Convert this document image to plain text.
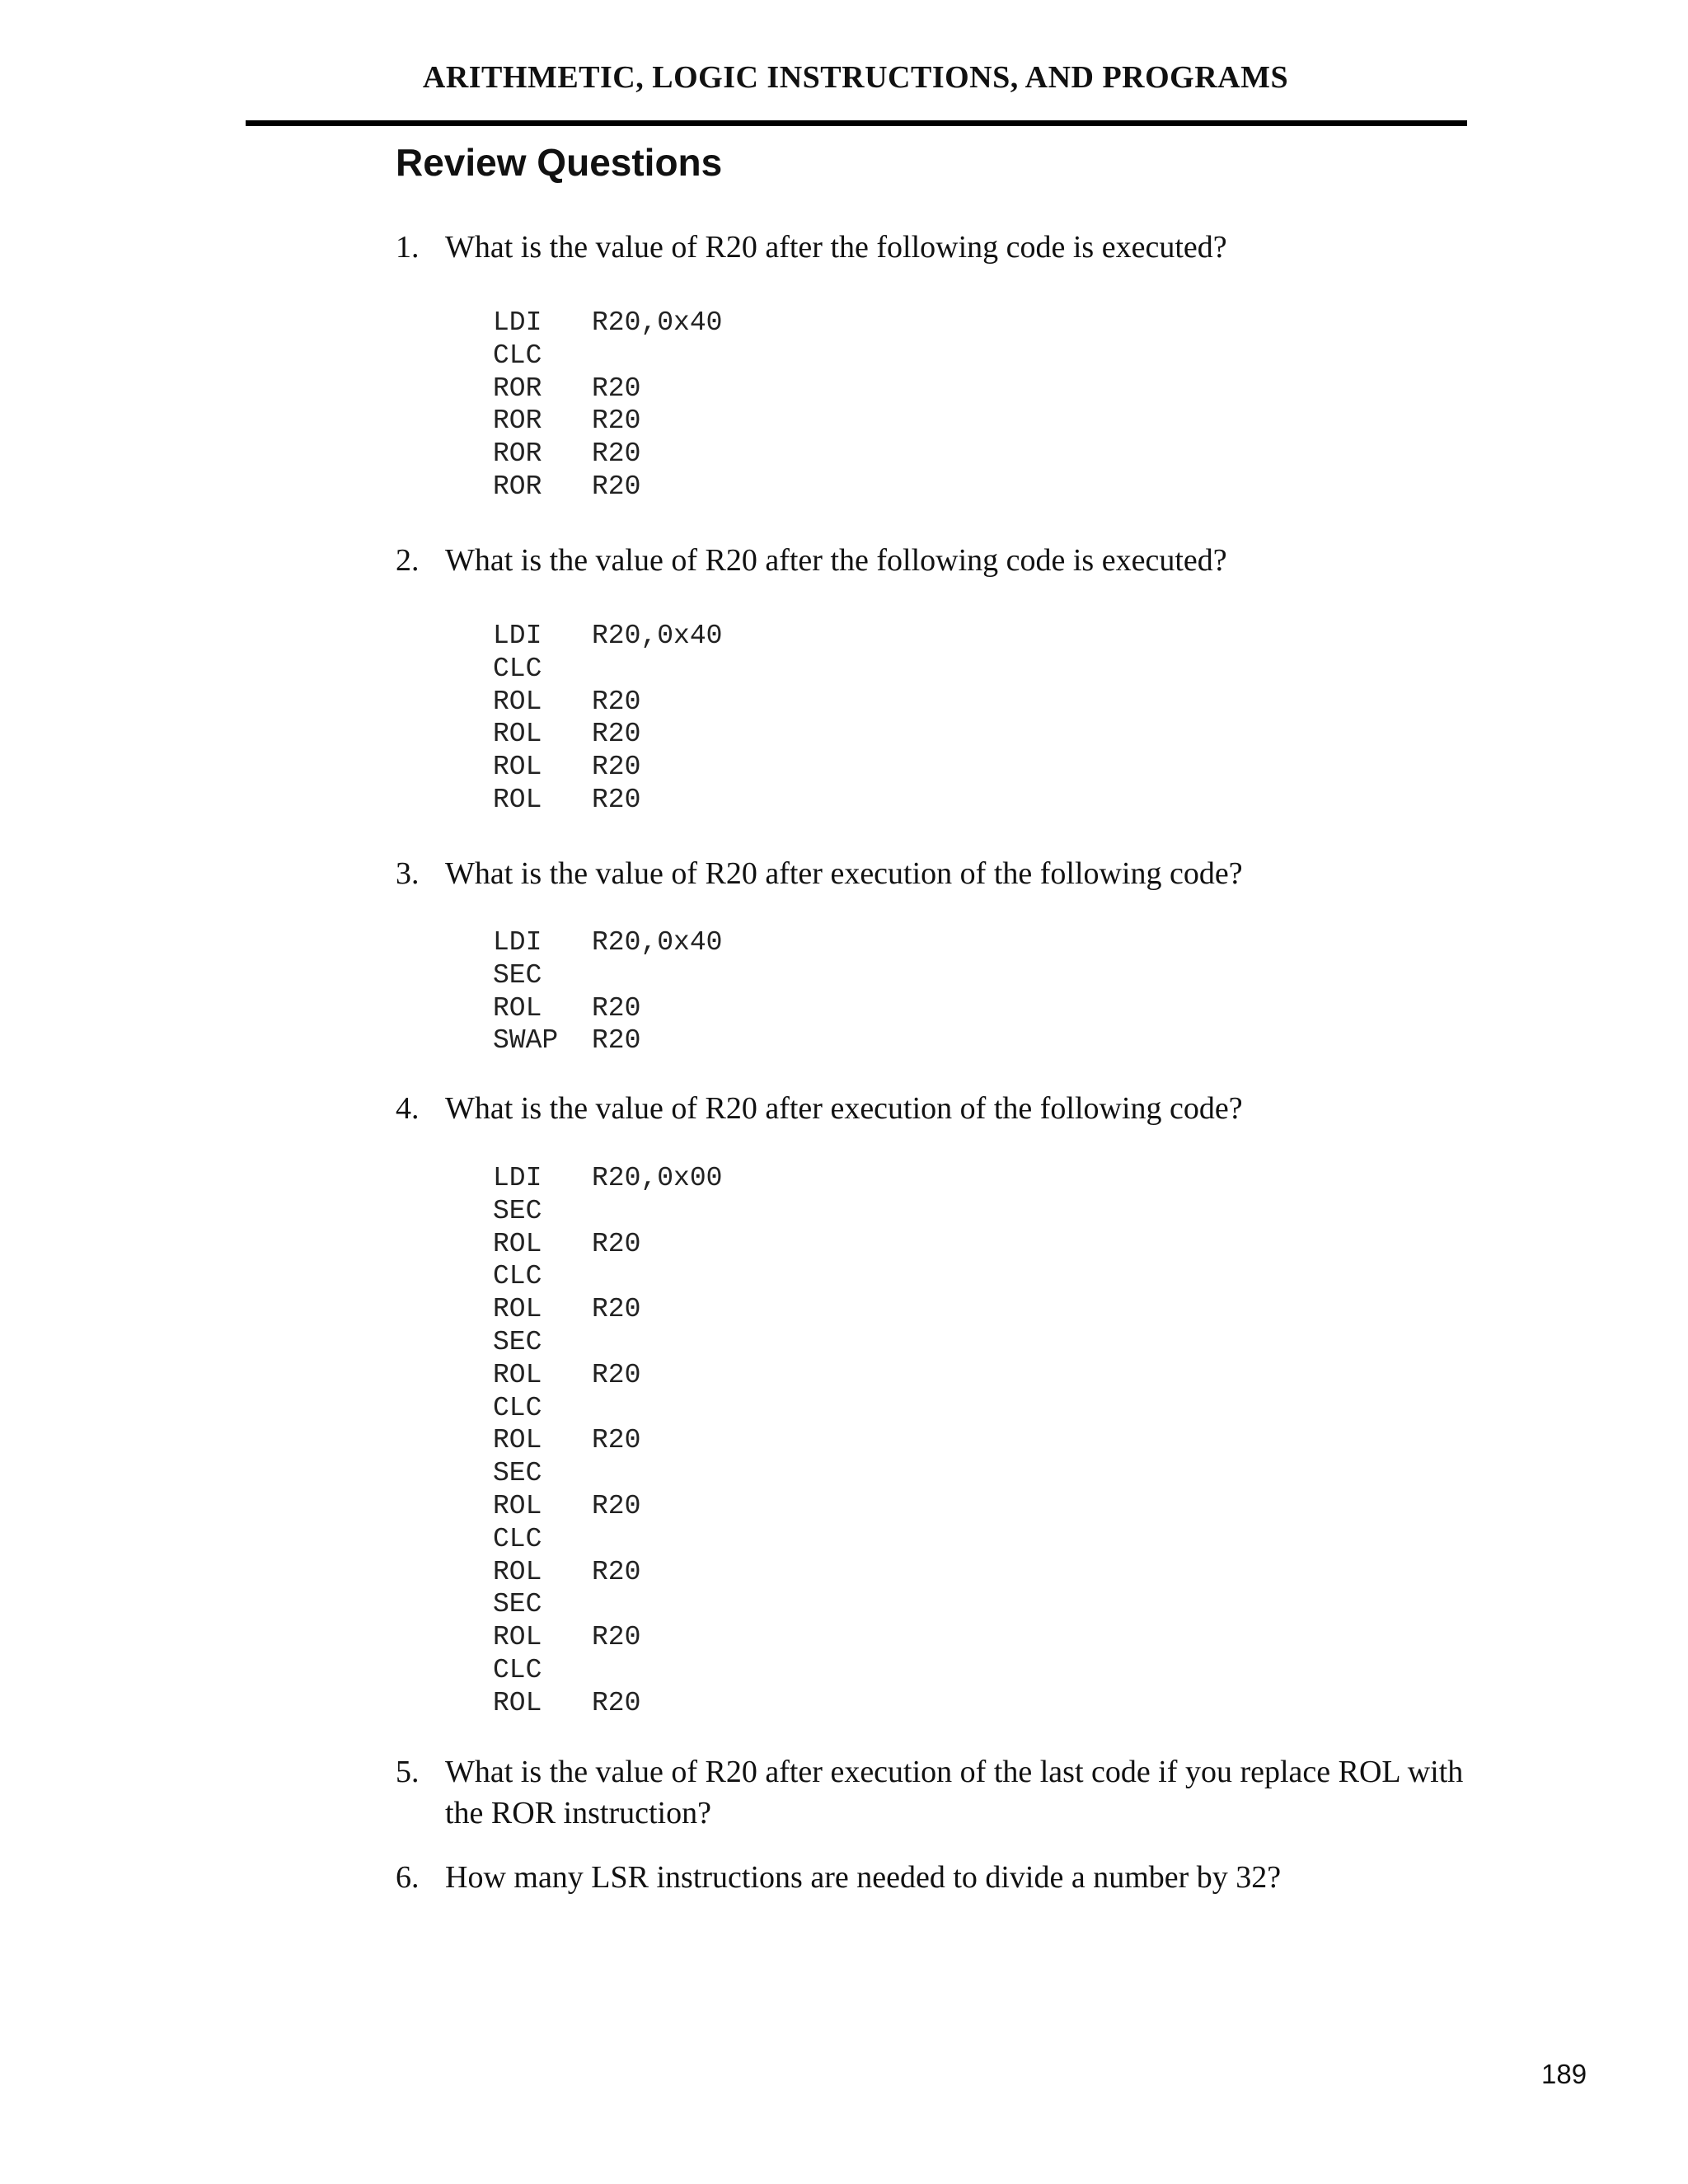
ARITHMETIC, LOGIC INSTRUCTIONS, AND PROGRAMS
Review Questions
1. What is the value of R20 after the following code is executed?
LDI	R20,0x40
CLC
ROR	R20
ROR	R20
ROR	R20
ROR	R20
2. What is the value of R20 after the following code is executed?
LDI	R20,0x40
CLC
ROL	R20
ROL	R20
ROL	R20
ROL	R20
3. What is the value of R20 after execution of the following code?
LDI	R20,0x40
SEC
ROL	R20
SWAP	R20
4. What is the value of R20 after execution of the following code?
LDI	R20,0x00
SEC
ROL	R20
CLC
ROL	R20
SEC
ROL	R20
CLC
ROL	R20
SEC
ROL	R20
CLC
ROL	R20
SEC
ROL	R20
CLC
ROL	R20
5. What is the value of R20 after execution of the last code if you replace ROL with the ROR instruction?
6. How many LSR instructions are needed to divide a number by 32?
189
